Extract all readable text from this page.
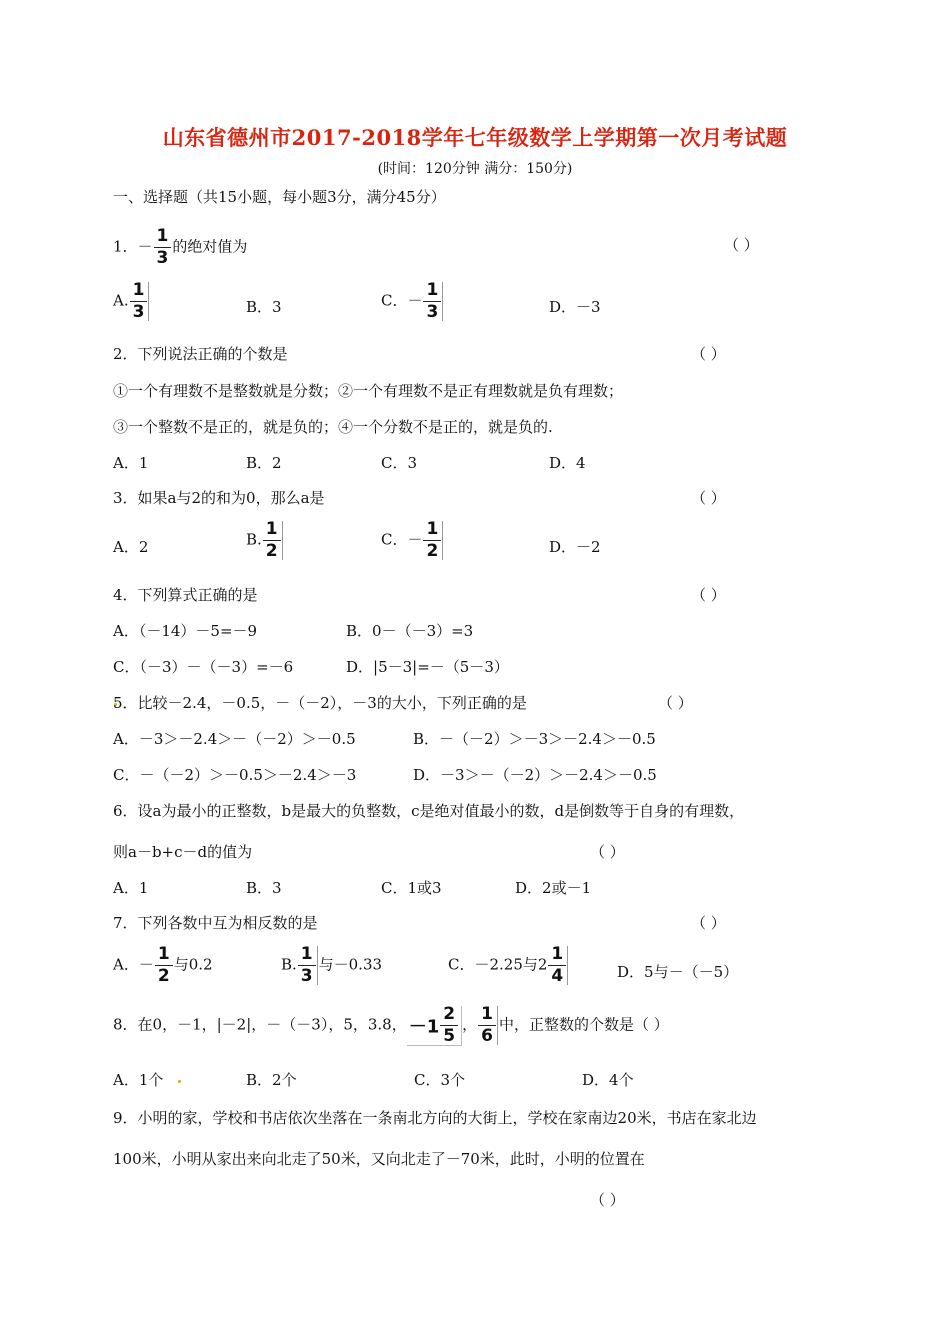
山东省德州市2017-2018学年七年级数学上学期第一次月考试题
(时间：120分钟 满分：150分)
一、选择题（共15小题，每小题3分，满分45分）
1．－ $\frac{1}{3}$ 的绝对值为	（ ）
A. $\frac{1}{3}$	B．3	C．－ $\frac{1}{3}$	D．－3
2．下列说法正确的个数是	（ ）
①一个有理数不是整数就是分数；②一个有理数不是正有理数就是负有理数；
③一个整数不是正的，就是负的；④一个分数不是正的，就是负的.
A．1	B．2	C．3	D．4
3．如果a与2的和为0，那么a是	（ ）
A．2	B. $\frac{1}{2}$	C．－ $\frac{1}{2}$	D．－2
4．下列算式正确的是	（ ）
A．（－14）－5=－9	B．0－（－3）=3
C．（－3）－（－3）=－6	D．|5－3|=－（5－3）
5．比较－2.4，－0.5，－（－2），－3的大小，下列正确的是	（ ）
A．－3＞－2.4＞－（－2）＞－0.5	B．－（－2）＞－3＞－2.4＞－0.5
C．－（－2）＞－0.5＞－2.4＞－3	D．－3＞－（－2）＞－2.4＞－0.5
6．设a为最小的正整数，b是最大的负整数，c是绝对值最小的数，d是倒数等于自身的有理数，
则a－b+c－d的值为	（ ）
A．1	B．3	C．1或3	D．2或－1
7．下列各数中互为相反数的是	（ ）
A．－ $\frac{1}{2}$ 与0.2	B. $\frac{1}{3}$ 与－0.33	C．－2.25与$2 \frac{1}{4}$	D．5与－（－5）
8．在0，－1，|－2|，－（－3），5，3.8， $-1 \frac{2}{5}$ ， $\frac{1}{6}$ 中，正整数的个数是（ ）
A．1个	B．2个	C．3个	D．4个
9．小明的家，学校和书店依次坐落在一条南北方向的大街上，学校在家南边20米，书店在家北边
100米，小明从家出来向北走了50米，又向北走了－70米，此时，小明的位置在
（ ）
